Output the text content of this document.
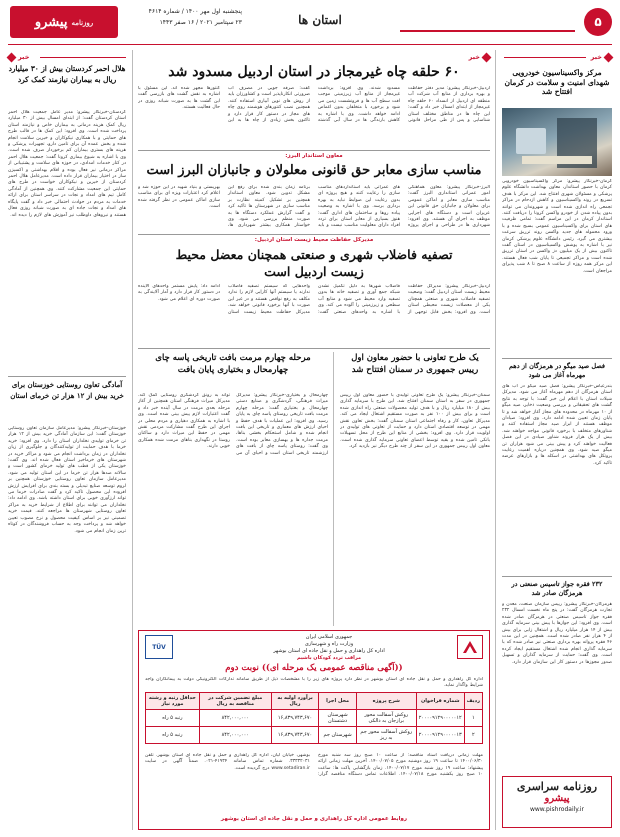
روزنامه
پیشرو
پنجشنبه اول مهر ۱۴۰۰ / شماره ۴۶۱۴
۲۳ سپتامبر ۲۰۲۱ / ۱۶ صفر ۱۴۴۳	استان ها	۵
خبر
مرکز واکسیناسیون خودرویی شهدای امنیت و سلامت در کرمان افتتاح شد
کرمان-خبرنگار پیشرو: مرکز واکسیناسیون خودرویی کرمان با حضور استاندار، معاون بهداشت دانشگاه علوم پزشکی و مسئولان شهری افتتاح شد. این مرکز با هدف تسریع در روند واکسیناسیون و کاهش ازدحام در مراکز تجمعی راه اندازی شده است و شهروندان می توانند بدون پیاده شدن از خودرو واکسن کرونا را دریافت کنند. استاندار کرمان در این مراسم گفت: تمامی ظرفیت های استان برای واکسیناسیون عمومی بسیج شده و با ورود محموله های جدید واکسن روند تزریق سرعت بیشتری می گیرد. رئیس دانشگاه علوم پزشکی کرمان نیز با اشاره به پوشش واکسیناسیون در استان گفت تاکنون بیش از یک میلیون دز واکسن در استان تزریق شده است و مراکز تجمیعی تا پایان شب فعال هستند. این مرکز همه روزه از ساعت ۸ صبح تا ۸ شب پذیرای مراجعان است.
فصل صید میگو در هرمزگان از دهم مهرماه آغاز می شود
بندرعباس-خبرنگار پیشرو: فصل صید میگو در آب های استان هرمزگان از دهم مهرماه آغاز می شود. مدیرکل شیلات استان با اعلام این خبر گفت: با توجه به نتایج گشت های تحقیقاتی و بررسی وضعیت ذخایر، صید میگو از ۱۰ مهرماه در محدوده های مجاز آغاز خواهد شد و تا پایان زمان تعیین شده ادامه دارد. وی افزود: صیادان موظف هستند از ابزار صید مجاز استفاده کنند و شناورهای متخلف با برخورد قانونی مواجه خواهند شد. بیش از یک هزار فروند شناور صیادی در این فصل فعالیت خواهند کرد و پیش بینی می شود هزاران تن میگو صید شود. وی همچنین درباره اهمیت رعایت پروتکل های بهداشتی در اسکله ها و بازارهای عرضه تاکید کرد.
۲۳۲ فقره جواز تاسیس صنعتی در هرمزگان صادر شد
هرمزگان-خبرنگار پیشرو: رییس سازمان صنعت، معدن و تجارت هرمزگان گفت: در پنج ماه نخست امسال ۲۳۲ فقره جواز تاسیس صنعتی در هرمزگان صادر شده است. وی افزود: این جوازها با پیش بینی سرمایه گذاری بیش از ۱۴ هزار میلیارد ریال و اشتغال زایی برای بیش از ۴ هزار نفر صادر شده است. همچنین در این مدت ۴۶ فقره پروانه بهره برداری صنعتی نیز صادر شده که با سرمایه گذاری انجام شده اشتغال مستقیم ایجاد کرده است. وی گفت: حمایت از سرمایه گذاران و تسهیل صدور مجوزها در دستور کار این سازمان قرار دارد.
روزنامه سراسری
پیشرو
www.pishrodaily.ir
خبر
۶۰ حلقه چاه غیرمجاز در استان اردبیل مسدود شد
اردبیل-خبرنگار پیشرو: مدیر دفتر حفاظت و بهره برداری از منابع آب شرکت آب منطقه ای اردبیل از انسداد ۶۰ حلقه چاه غیرمجاز از ابتدای امسال خبر داد و گفت: این چاه ها در مناطق مختلف استان شناسایی و پس از طی مراحل قانونی مسدود شدند. وی افزود: برداشت غیرمجاز از منابع آب زیرزمینی موجب افت سطح آب ها و فرونشست زمین می شود و برخورد با متخلفان بدون اغماض ادامه خواهد داشت. وی با اشاره به کاهش بارندگی ها در سال آبی گذشته گفت: صرفه جویی در مصرف آب ضرورتی انکارناپذیر است و کشاورزان باید از روش های نوین آبیاری استفاده کنند. همچنین نصب کنتورهای هوشمند روی چاه های مجاز در دستور کار قرار دارد و تاکنون بخش زیادی از چاه ها به این کنتورها مجهز شده اند. این مسئول با اشاره به نقش گشت های بازرسی گفت این گشت ها به صورت شبانه روزی در حال فعالیت هستند.
معاون استاندار البرز:
مناسب سازی معابر حق قانونی معلولان و جانبازان البرز است
البرز-خبرنگار پیشرو: معاون هماهنگی امور عمرانی استانداری البرز گفت: مناسب سازی معابر و اماکن عمومی برای معلولان و جانبازان حق قانونی این عزیزان است و دستگاه های اجرایی موظف به اجرای آن هستند. وی افزود: شهرداری ها در طراحی و اجرای پروژه های عمرانی باید استانداردهای مناسب سازی را رعایت کنند و هیچ پروژه ای بدون رعایت این ضوابط نباید به بهره برداری برسد. وی با اشاره به وضعیت پیاده روها و ساختمان های اداری گفت: هنوز بسیاری از معابر استان برای تردد افراد دارای معلولیت مناسب نیست و باید برنامه زمان بندی شده برای رفع این مشکل تدوین شود. معاون استاندار همچنین بر تشکیل کمیته نظارت بر مناسب سازی در شهرستان ها تاکید کرد و گفت گزارش عملکرد دستگاه ها به صورت منظم بررسی می شود. وی خواستار همکاری بیشتر شهرداری ها، بهزیستی و بنیاد شهید در این حوزه شد و اعلام کرد اعتبارات ویژه ای برای مناسب سازی اماکن عمومی در نظر گرفته شده است.
مدیرکل حفاظت محیط زیست استان اردبیل:
تصفیه فاضلاب شهری و صنعتی همچنان معضل محیط زیست اردبیل است
اردبیل-خبرنگار پیشرو: مدیرکل حفاظت محیط زیست استان اردبیل گفت: وضعیت تصفیه فاضلاب شهری و صنعتی همچنان یکی از معضلات زیست محیطی استان است. وی افزود: بخش قابل توجهی از فاضلاب شهرها به دلیل تکمیل نشدن شبکه جمع آوری و تصفیه خانه ها بدون تصفیه وارد محیط می شود و منابع آب سطحی و زیرزمینی را آلوده می کند. وی با اشاره به واحدهای صنعتی گفت: واحدهایی که سیستم تصفیه فاضلاب ندارند یا سیستم آنها کارایی لازم را ندارد مکلف به رفع نواقص هستند و در غیر این صورت با آنها برخورد قانونی خواهد شد. مدیرکل حفاظت محیط زیست استان ادامه داد: پایش مستمر واحدهای آلاینده در دستور کار قرار دارد و آمار آلایندگی به صورت دوره ای اعلام می شود.
یک طرح تعاونی با حضور معاون اول رییس جمهوری در سمنان افتتاح شد
سمنان-خبرنگار پیشرو: یک طرح تعاونی تولیدی با حضور معاون اول رییس جمهوری در سفر به استان سمنان افتتاح شد. این طرح با سرمایه گذاری بیش از ۱۸۰ میلیارد ریال و با هدف تولید محصولات صنعتی راه اندازی شده است و برای بیش از ۱۰۰ نفر به صورت مستقیم اشتغال ایجاد می کند. مدیرکل تعاون، کار و رفاه اجتماعی استان سمنان گفت: بخش تعاون نقش مهمی در توسعه اقتصادی استان دارد و حمایت از تعاونی های تولیدی در اولویت قرار دارد. وی افزود: بخشی از منابع این طرح از محل تسهیلات بانکی تامین شده و بقیه توسط اعضای تعاونی سرمایه گذاری شده است. معاون اول رییس جمهوری در این سفر از چند طرح دیگر نیز بازدید کرد.
مرحله چهارم مرمت بافت تاریخی پاسه چای چهارمحال و بختیاری پایان یافت
چهارمحال و بختیاری-خبرنگار پیشرو: مدیرکل میراث فرهنگی، گردشگری و صنایع دستی چهارمحال و بختیاری گفت: مرحله چهارم مرمت بافت تاریخی روستای پاسه چای به پایان رسید. وی افزود: این عملیات با هدف حفظ و احیای ارزش های معماری و تاریخی این بافت انجام شده و شامل استحکام بخشی بناها، مرمت جداره ها و بهسازی معابر بوده است. وی گفت: روستای پاسه چای از بافت های ارزشمند تاریخی استان است و احیای آن می تواند به رونق گردشگری روستایی کمک کند. مدیرکل میراث فرهنگی استان همچنین از آغاز مرحله بعدی مرمت در سال آینده خبر داد و گفت اعتبارات لازم پیش بینی شده است. وی با اشاره به همکاری دهیاری و مردم محلی در اجرای این طرح گفت مشارکت مردمی نقش مهمی در حفظ این میراث دارد و ساکنان روستا در نگهداری بناهای مرمت شده همکاری خوبی دارند.
خبر
هلال احمر کردستان بیش از ۳۰ میلیارد ریال به بیماران نیازمند کمک کرد
کردستان-خبرنگار پیشرو: مدیر عامل جمعیت هلال احمر استان کردستان گفت: از ابتدای امسال بیش از ۳۰ میلیارد ریال کمک هزینه درمانی به بیماران خاص و نیازمند استان پرداخت شده است. وی افزود: این کمک ها در قالب طرح های حمایتی و با همکاری نیکوکاران و خیرین سلامت انجام شده و بخش عمده آن برای تامین دارو، تجهیزات پزشکی و هزینه های بستری بیماران کم برخوردار صرف شده است. وی با اشاره به شیوع بیماری کرونا گفت: جمعیت هلال احمر در کنار خدمات امدادی، در حوزه های سلامت و پشتیبانی از مراکز درمانی نیز فعال بوده و اقلام بهداشتی و اکسیژن ساز در اختیار بیماران قرار داده است. مدیرعامل هلال احمر کردستان از خیرین و نیکوکاران خواست در طرح های حمایتی این جمعیت مشارکت کنند. وی همچنین از آمادگی کامل تیم های امداد و نجات در سراسر استان برای ارائه خدمات به مردم در حوادث احتمالی خبر داد و گفت پایگاه های امداد و نجات جاده ای به صورت شبانه روزی فعال هستند و نیروهای داوطلب نیز آموزش های لازم را دیده اند.
آمادگی تعاون روستایی خوزستان برای خرید بیش از ۱۲ هزار تن خرمای استان
خوزستان-خبرنگار پیشرو: مدیرعامل سازمان تعاون روستایی خوزستان گفت: این سازمان آمادگی خرید بیش از ۱۲ هزار تن خرمای تولیدی نخلداران استان را دارد. وی افزود: خرید خرما با هدف حمایت از تولیدکنندگان و جلوگیری از زیان نخلداران در زمان برداشت انجام می شود و مراکز خرید در شهرستان های خرماخیز استان فعال شده اند. وی گفت: خوزستان یکی از قطب های تولید خرمای کشور است و سالانه صدها هزار تن خرما در این استان تولید می شود. مدیرعامل سازمان تعاون روستایی خوزستان همچنین بر لزوم توسعه صنایع تبدیلی و بسته بندی برای افزایش ارزش افزوده این محصول تاکید کرد و گفت صادرات خرما می تواند ارزآوری خوبی برای استان داشته باشد. وی ادامه داد: نخلداران می توانند برای اطلاع از شرایط خرید به مراکز تعاون روستایی شهرستان ها مراجعه کنند. قیمت خرید تضمینی نیز بر اساس کیفیت محصول و نرخ مصوب تعیین خواهد شد و پرداخت وجه به حساب فروشندگان در کوتاه ترین زمان انجام می شود.
جمهوری اسلامی ایران
وزارت راه و شهرسازی
اداره کل راهداری و حمل و نقل جاده ای استان بوشهر
مراقب تردد کودکان باشیم
TÜV
((آگهی مناقصه عمومی یک مرحله ای)) نوبت دوم
اداره کل راهداری و حمل و نقل جاده ای استان بوشهر در نظر دارد پروژه های زیر را با مشخصات ذیل از طریق سامانه تدارکات الکترونیکی دولت به پیمانکاران واجد شرایط واگذار نماید.
ردیف	شماره فراخوان	شرح پروژه	محل اجرا	برآورد اولیه به ریال	مبلغ تضمین شرکت در مناقصه به ریال	حداقل رتبه و رشته مورد نیاز
۱	۲۰۰۰۰۹۱۲۹۰۰۰۰۰۱۲	روکش آسفالت محور برازجان به دالکی	شهرستان دشتستان	۱۶,۸۳۹,۷۴۳,۶۷۰	۸۴۲,۰۰۰,۰۰۰	رتبه ۵ راه
۲	۲۰۰۰۰۹۱۲۹۰۰۰۰۰۱۳	روکش آسفالت محور جم به ریز	شهرستان جم	۱۶,۸۳۹,۷۴۳,۶۷۰	۸۴۲,۰۰۰,۰۰۰	رتبه ۵ راه
مهلت زمانی دریافت اسناد مناقصه: از ساعت ۱۰ صبح روز سه شنبه مورخ ۱۴۰۰/۰۶/۳۰ تا ساعت ۱۹ روز دوشنبه مورخ ۱۴۰۰/۰۷/۰۵. آخرین مهلت زمانی ارائه پیشنهاد: ساعت ۱۹ روز شنبه مورخ ۱۴۰۰/۰۷/۱۷. زمان بازگشایی پاکت ها: ساعت ۱۰ صبح روز یکشنبه مورخ ۱۴۰۰/۰۷/۱۸. اطلاعات تماس دستگاه مناقصه گزار: بوشهر، خیابان لیان، اداره کل راهداری و حمل و نقل جاده ای استان بوشهر. تلفن ۳۳۳۳۲۰۳۱. شماره تماس سامانه ۴۱۹۳۴-۰۲۱. ضمناً آگهی در سایت www.setadiran.ir درج گردیده است.
روابط عمومی اداره کل راهداری و حمل و نقل جاده ای استان بوشهر
